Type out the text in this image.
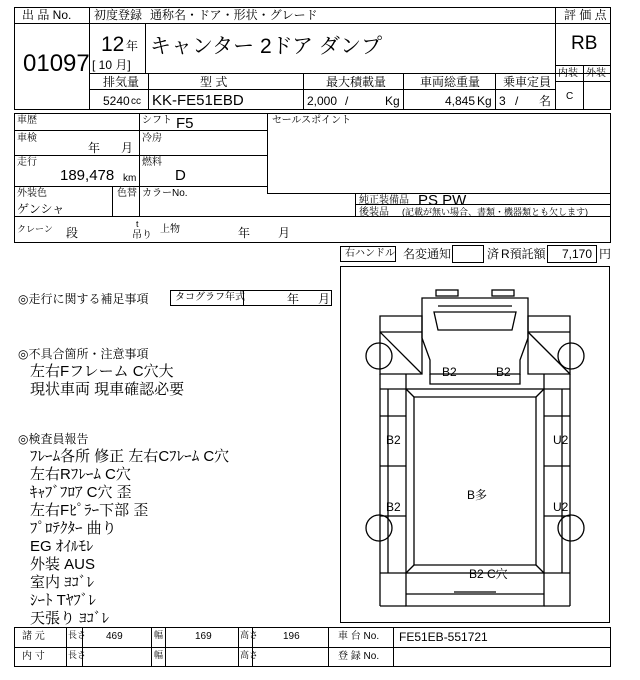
出 品 No.
01097
初度登録 通称名・ドア・形状・グレード	評 価 点
12 年
[ 10 月]
キャンター 2ドア ダンプ	RB
内装 外装
C
排気量	型 式	最大積載量	車両総重量 乗車定員
5240 cc KK-FE51EBD	2,000 /	Kg	4,845 Kg 3 / 名
車歴	シフト F5	セールスポイント
車検
年 月
冷房
走行
189,478 km
燃料
D
外装色
ゲンシャ
色替 カラーNo.
純正装備品 PS PW
後装品 (記載が無い場合、書類・機器類とも欠します)
クレーン 段
t
吊り
上物	年 月
右ハンドル 名変通知	済 R預託額 7,170 円
◎走行に関する補足事項	タコグラフ年式	年 月
◎不具合箇所・注意事項
左右Fフレーム C穴大
現状車両 現車確認必要
◎検査員報告
ﾌﾚｰﾑ各所 修正 左右Cﾌﾚｰﾑ C穴
左右Rﾌﾚｰﾑ C穴
ｷｬﾌﾞﾌﾛｱ C穴 歪
左右Fﾋﾟﾗｰ下部 歪
ﾌﾟﾛﾃｸﾀｰ 曲り
EG ｵｲﾙﾓﾚ
外装 AUS
室内 ﾖｺﾞﾚ
ｼｰﾄ Tﾔﾌﾞﾚ
天張り ﾖｺﾞﾚ
B2	B2
B2	U2
B多
B2	U2
B2 C穴
諸 元	長さ 469	幅	169	高さ 196	車 台 No. FE51EB-551721
内 寸	長さ	幅	高さ	登 録 No.
